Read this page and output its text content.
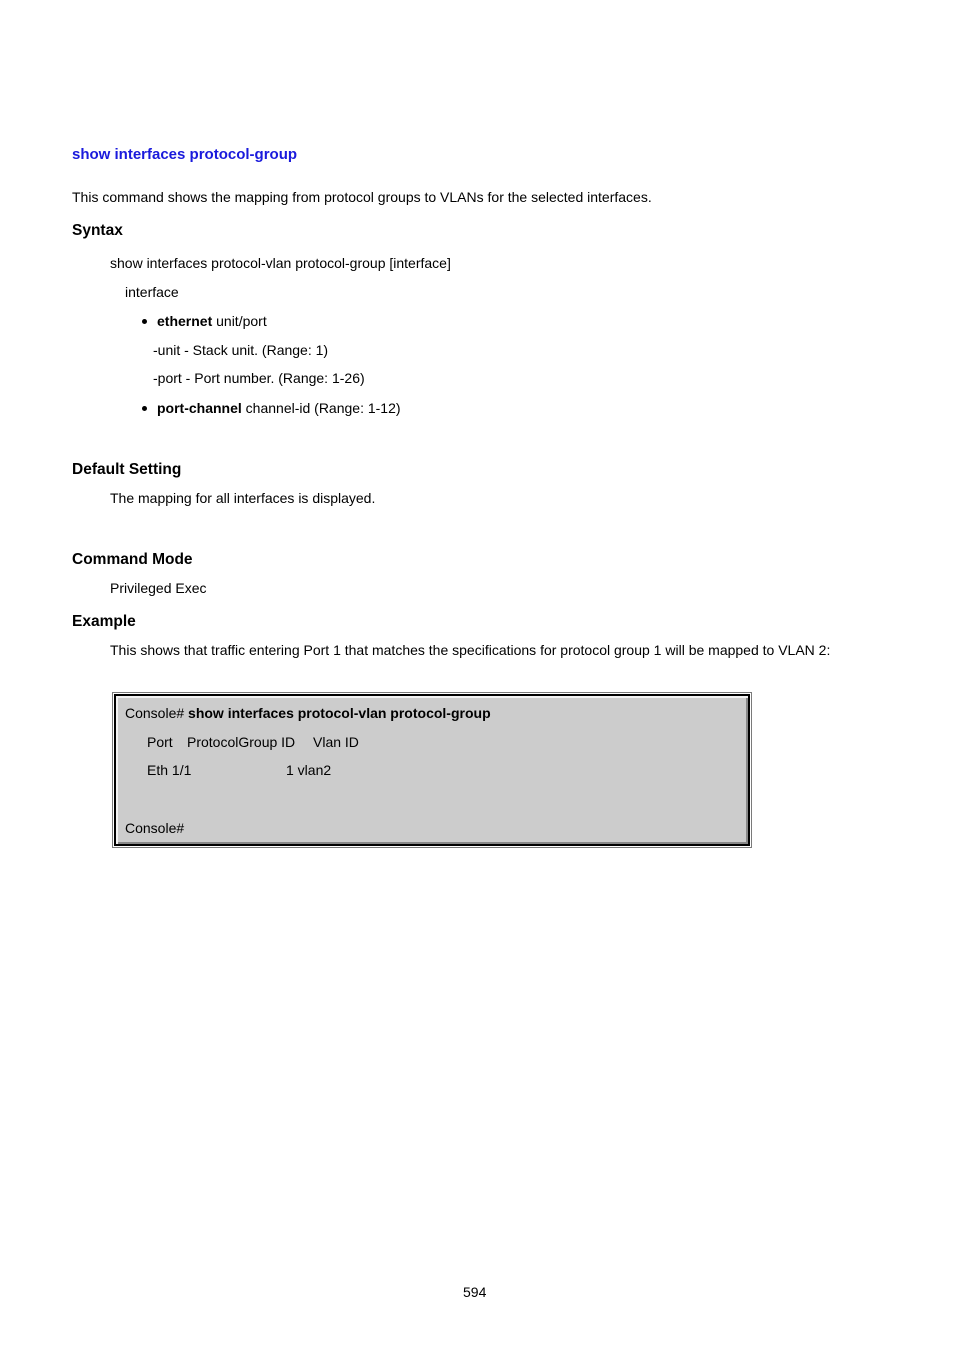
show interfaces protocol-group
This command shows the mapping from protocol groups to VLANs for the selected interfaces.
Syntax
show interfaces protocol-vlan protocol-group [interface]
interface
ethernet unit/port
-unit - Stack unit. (Range: 1)
-port - Port number. (Range: 1-26)
port-channel channel-id (Range: 1-12)
Default Setting
The mapping for all interfaces is displayed.
Command Mode
Privileged Exec
Example
This shows that traffic entering Port 1 that matches the specifications for protocol group 1 will be mapped to VLAN 2:
Console# show interfaces protocol-vlan protocol-group
Port ProtocolGroup ID Vlan ID
Eth 1/1	1 vlan2
Console#
594
